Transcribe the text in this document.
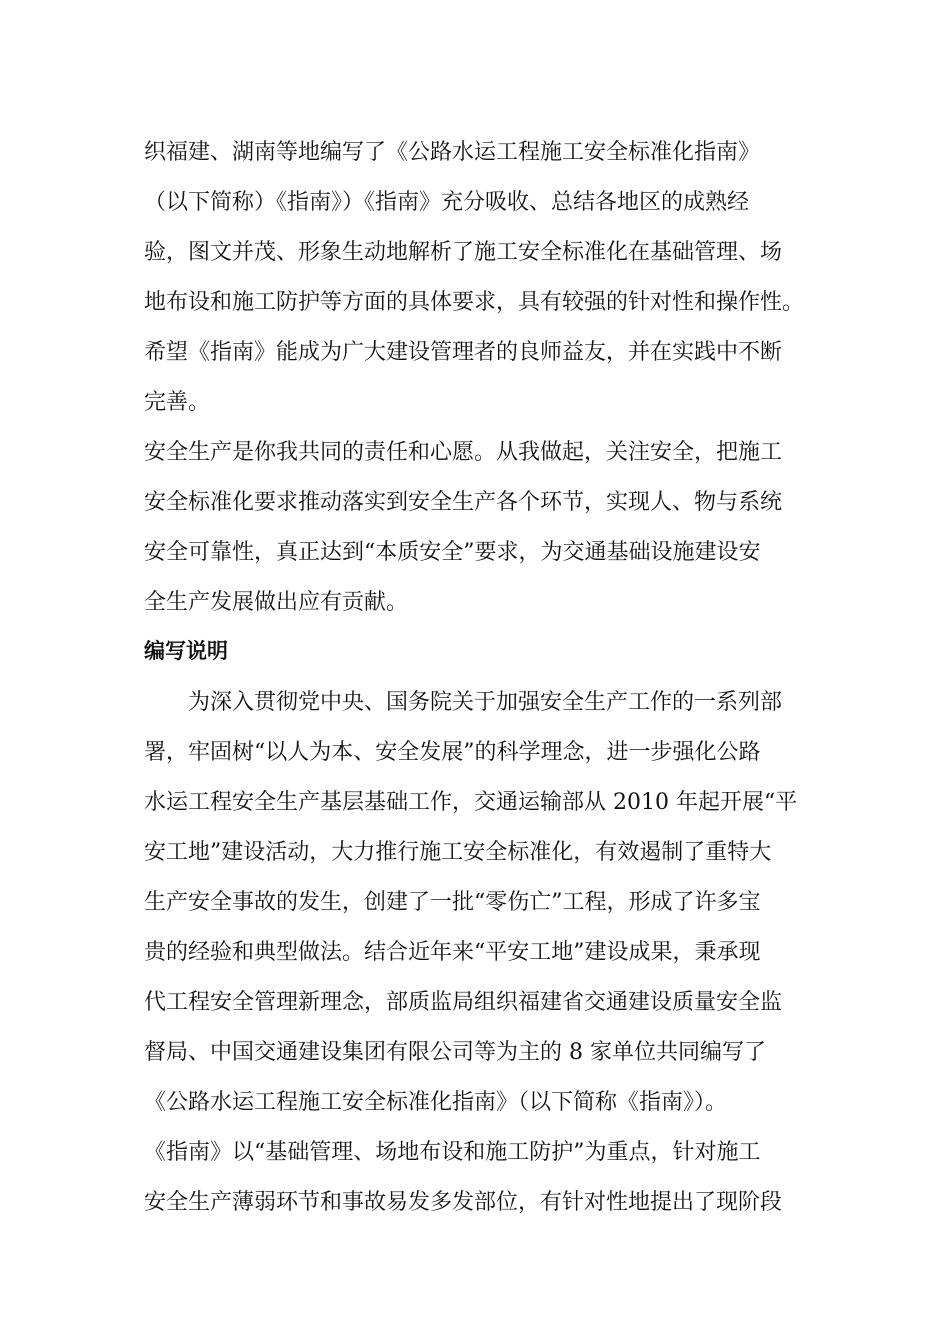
织福建、湖南等地编写了《公路水运工程施工安全标准化指南》
（以下简称）《指南》）《指南》充分吸收、总结各地区的成熟经
验，图文并茂、形象生动地解析了施工安全标准化在基础管理、场
地布设和施工防护等方面的具体要求，具有较强的针对性和操作性。
希望《指南》能成为广大建设管理者的良师益友，并在实践中不断
完善。
安全生产是你我共同的责任和心愿。从我做起，关注安全，把施工
安全标准化要求推动落实到安全生产各个环节，实现人、物与系统
安全可靠性，真正达到“本质安全”要求，为交通基础设施建设安
全生产发展做出应有贡献。
编写说明
为深入贯彻党中央、国务院关于加强安全生产工作的一系列部
署，牢固树“以人为本、安全发展”的科学理念，进一步强化公路
水运工程安全生产基层基础工作，交通运输部从 2010 年起开展“平
安工地”建设活动，大力推行施工安全标准化，有效遏制了重特大
生产安全事故的发生，创建了一批“零伤亡”工程，形成了许多宝
贵的经验和典型做法。结合近年来“平安工地”建设成果，秉承现
代工程安全管理新理念，部质监局组织福建省交通建设质量安全监
督局、中国交通建设集团有限公司等为主的 8 家单位共同编写了
《公路水运工程施工安全标准化指南》（以下简称《指南》）。
《指南》以“基础管理、场地布设和施工防护”为重点，针对施工
安全生产薄弱环节和事故易发多发部位，有针对性地提出了现阶段
